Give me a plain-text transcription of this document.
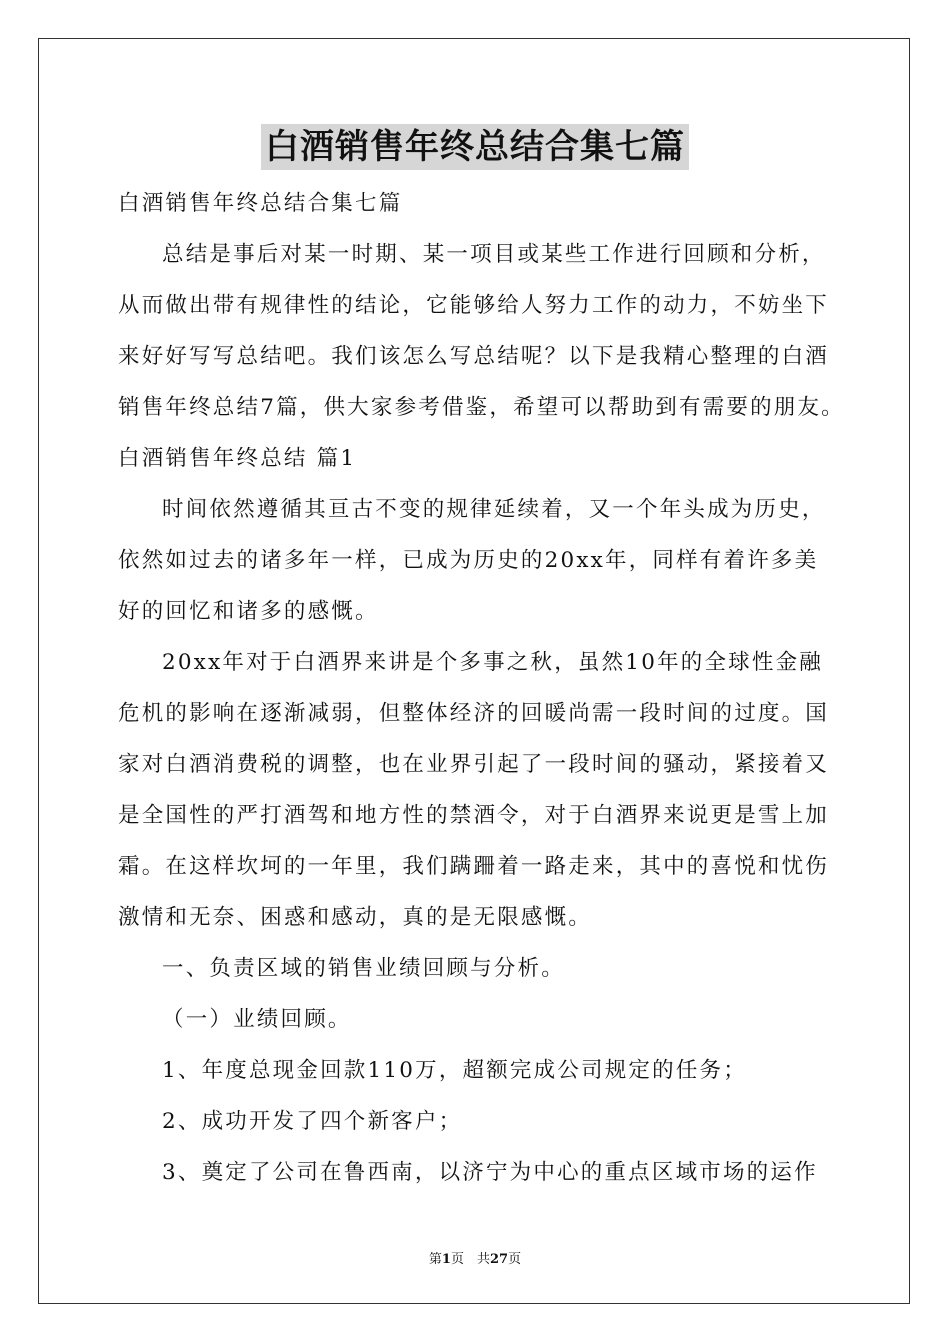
白酒销售年终总结合集七篇
白酒销售年终总结合集七篇
总结是事后对某一时期、某一项目或某些工作进行回顾和分析，
从而做出带有规律性的结论，它能够给人努力工作的动力，不妨坐下
来好好写写总结吧。我们该怎么写总结呢？以下是我精心整理的白酒
销售年终总结7篇，供大家参考借鉴，希望可以帮助到有需要的朋友。
白酒销售年终总结 篇1
时间依然遵循其亘古不变的规律延续着，又一个年头成为历史，
依然如过去的诸多年一样，已成为历史的20xx年，同样有着许多美
好的回忆和诸多的感慨。
20xx年对于白酒界来讲是个多事之秋，虽然10年的全球性金融
危机的影响在逐渐减弱，但整体经济的回暖尚需一段时间的过度。国
家对白酒消费税的调整，也在业界引起了一段时间的骚动，紧接着又
是全国性的严打酒驾和地方性的禁酒令，对于白酒界来说更是雪上加
霜。在这样坎坷的一年里，我们蹒跚着一路走来，其中的喜悦和忧伤
激情和无奈、困惑和感动，真的是无限感慨。
一、负责区域的销售业绩回顾与分析。
（一）业绩回顾。
1、年度总现金回款110万，超额完成公司规定的任务；
2、成功开发了四个新客户；
3、奠定了公司在鲁西南，以济宁为中心的重点区域市场的运作
第1页　共27页
